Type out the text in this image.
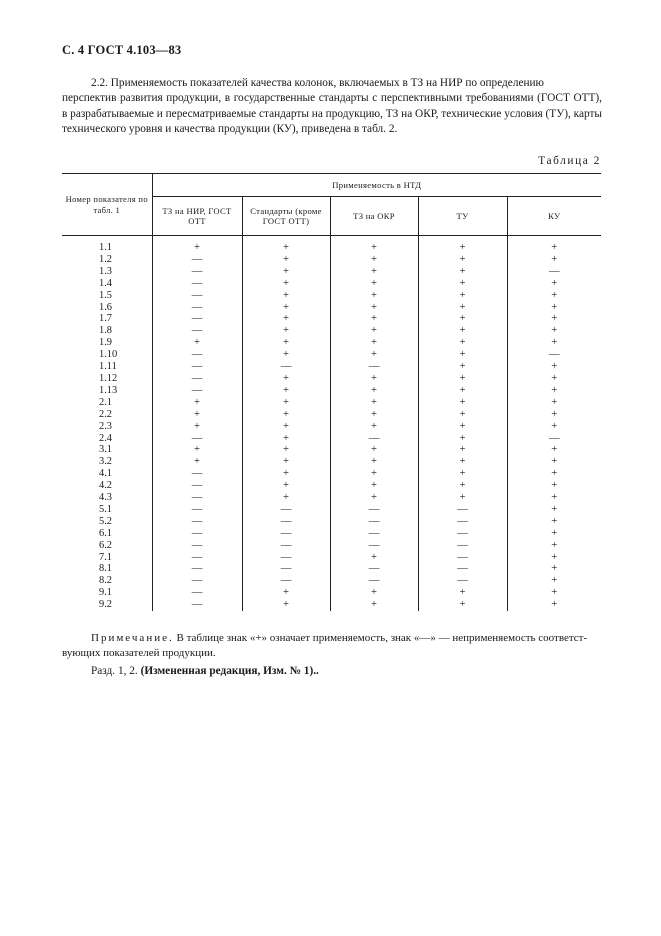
С. 4 ГОСТ 4.103—83
2.2. Применяемость показателей качества колонок, включаемых в ТЗ на НИР по определению
перспектив развития продукции, в государственные стандарты с перспективными требованиями (ГОСТ ОТТ), в разрабатываемые и пересматриваемые стандарты на продукцию, ТЗ на ОКР, технические условия (ТУ), карты технического уровня и качества продукции (КУ), приведена в табл. 2.
Таблица 2
Номер показателя по табл. 1	Применяемость в НТД				
	ТЗ на НИР, ГОСТ ОТТ	Стандарты (кроме ГОСТ ОТТ)	ТЗ на ОКР	ТУ	КУ
1.1	+	+	+	+	+
1.2	—	+	+	+	+
1.3	—	+	+	+	—
1.4	—	+	+	+	+
1.5	—	+	+	+	+
1.6	—	+	+	+	+
1.7	—	+	+	+	+
1.8	—	+	+	+	+
1.9	+	+	+	+	+
1.10	—	+	+	+	—
1.11	—	—	—	+	+
1.12	—	+	+	+	+
1.13	—	+	+	+	+
2.1	+	+	+	+	+
2.2	+	+	+	+	+
2.3	+	+	+	+	+
2.4	—	+	—	+	—
3.1	+	+	+	+	+
3.2	+	+	+	+	+
4.1	—	+	+	+	+
4.2	—	+	+	+	+
4.3	—	+	+	+	+
5.1	—	—	—	—	+
5.2	—	—	—	—	+
6.1	—	—	—	—	+
6.2	—	—	—	—	+
7.1	—	—	+	—	+
8.1	—	—	—	—	+
8.2	—	—	—	—	+
9.1	—	+	+	+	+
9.2	—	+	+	+	+
Примечание. В таблице знак «+» означает применяемость, знак «—» — неприменяемость соответст-
вующих показателей продукции.
Разд. 1, 2. (Измененная редакция, Изм. № 1)..
